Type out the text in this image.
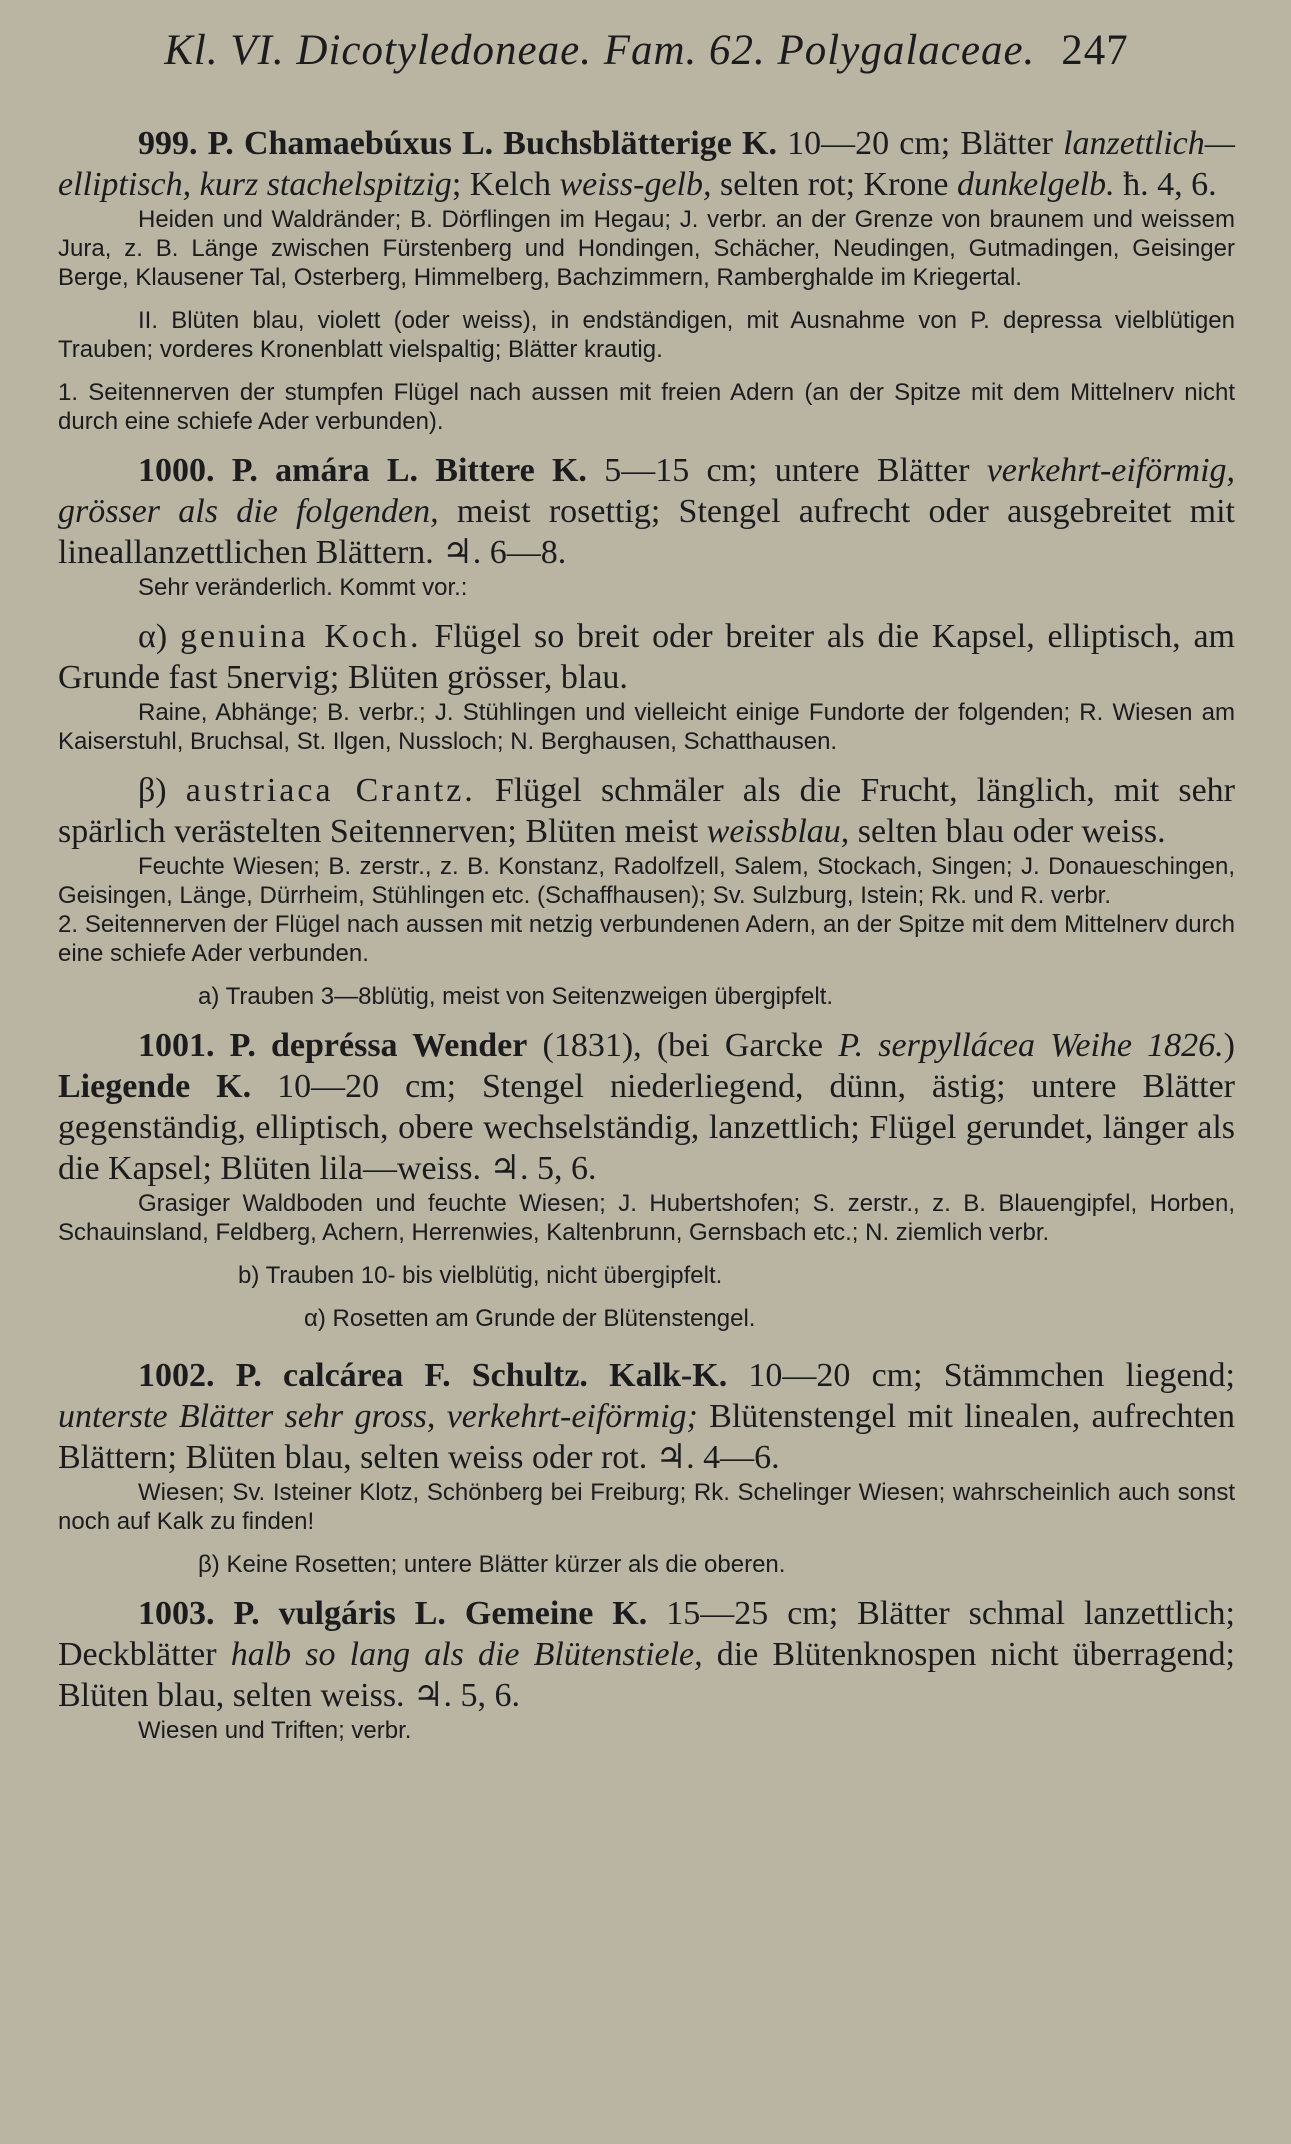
Kl. VI. Dicotyledoneae. Fam. 62. Polygalaceae. 247

999. P. Chamaebúxus L. Buchsblätterige K. 10—20 cm; Blätter lanzettlich—elliptisch, kurz stachelspitzig; Kelch weiss-gelb, selten rot; Krone dunkelgelb. ħ. 4, 6.

Heiden und Waldränder; B. Dörflingen im Hegau; J. verbr. an der Grenze von braunem und weissem Jura, z. B. Länge zwischen Fürstenberg und Hondingen, Schächer, Neudingen, Gutmadingen, Geisinger Berge, Klausener Tal, Osterberg, Himmelberg, Bachzimmern, Ramberghalde im Kriegertal.

II. Blüten blau, violett (oder weiss), in endständigen, mit Ausnahme von P. depressa vielblütigen Trauben; vorderes Kronenblatt vielspaltig; Blätter krautig.

1. Seitennerven der stumpfen Flügel nach aussen mit freien Adern (an der Spitze mit dem Mittelnerv nicht durch eine schiefe Ader verbunden).

1000. P. amára L. Bittere K. 5—15 cm; untere Blätter verkehrt-eiförmig, grösser als die folgenden, meist rosettig; Stengel aufrecht oder ausgebreitet mit lineallanzettlichen Blättern. ♃. 6—8.

Sehr veränderlich. Kommt vor.:

α) genuina Koch. Flügel so breit oder breiter als die Kapsel, elliptisch, am Grunde fast 5nervig; Blüten grösser, blau.

Raine, Abhänge; B. verbr.; J. Stühlingen und vielleicht einige Fundorte der folgenden; R. Wiesen am Kaiserstuhl, Bruchsal, St. Ilgen, Nussloch; N. Berghausen, Schatthausen.

β) austriaca Crantz. Flügel schmäler als die Frucht, länglich, mit sehr spärlich verästelten Seitennerven; Blüten meist weissblau, selten blau oder weiss.

Feuchte Wiesen; B. zerstr., z. B. Konstanz, Radolfzell, Salem, Stockach, Singen; J. Donaueschingen, Geisingen, Länge, Dürrheim, Stühlingen etc. (Schaffhausen); Sv. Sulzburg, Istein; Rk. und R. verbr.

2. Seitennerven der Flügel nach aussen mit netzig verbundenen Adern, an der Spitze mit dem Mittelnerv durch eine schiefe Ader verbunden.

a) Trauben 3—8blütig, meist von Seitenzweigen übergipfelt.

1001. P. depréssa Wender (1831), (bei Garcke P. serpyllácea Weihe 1826.) Liegende K. 10—20 cm; Stengel niederliegend, dünn, ästig; untere Blätter gegenständig, elliptisch, obere wechselständig, lanzettlich; Flügel gerundet, länger als die Kapsel; Blüten lila—weiss. ♃. 5, 6.

Grasiger Waldboden und feuchte Wiesen; J. Hubertshofen; S. zerstr., z. B. Blauengipfel, Horben, Schauinsland, Feldberg, Achern, Herrenwies, Kaltenbrunn, Gernsbach etc.; N. ziemlich verbr.

b) Trauben 10- bis vielblütig, nicht übergipfelt.

α) Rosetten am Grunde der Blütenstengel.

1002. P. calcárea F. Schultz. Kalk-K. 10—20 cm; Stämmchen liegend; unterste Blätter sehr gross, verkehrt-eiförmig; Blütenstengel mit linealen, aufrechten Blättern; Blüten blau, selten weiss oder rot. ♃. 4—6.

Wiesen; Sv. Isteiner Klotz, Schönberg bei Freiburg; Rk. Schelinger Wiesen; wahrscheinlich auch sonst noch auf Kalk zu finden!

β) Keine Rosetten; untere Blätter kürzer als die oberen.

1003. P. vulgáris L. Gemeine K. 15—25 cm; Blätter schmal lanzettlich; Deckblätter halb so lang als die Blütenstiele, die Blütenknospen nicht überragend; Blüten blau, selten weiss. ♃. 5, 6.

Wiesen und Triften; verbr.
